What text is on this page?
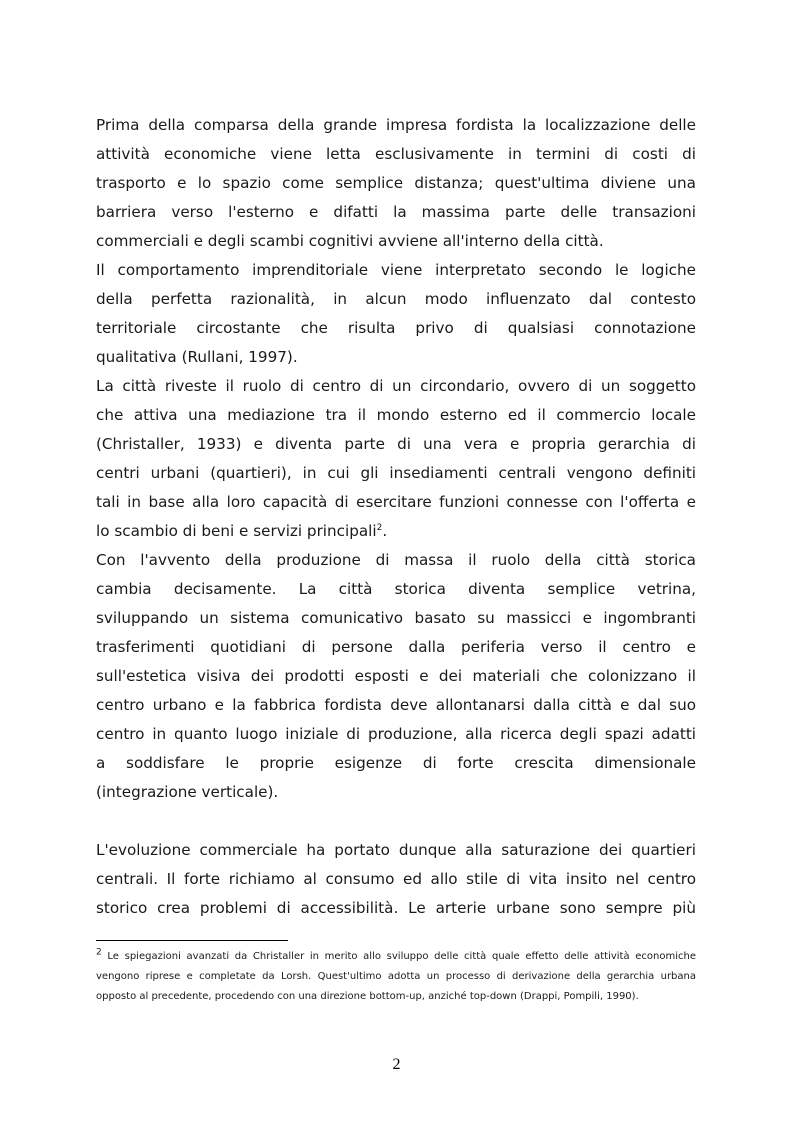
Prima della comparsa della grande impresa fordista la localizzazione delle
attività economiche viene letta esclusivamente in termini di costi di
trasporto e lo spazio come semplice distanza; quest'ultima diviene una
barriera verso l'esterno e difatti la massima parte delle transazioni
commerciali e degli scambi cognitivi avviene all'interno della città.
Il comportamento imprenditoriale viene interpretato secondo le logiche
della perfetta razionalità, in alcun modo influenzato dal contesto
territoriale circostante che risulta privo di qualsiasi connotazione
qualitativa (Rullani, 1997).
La città riveste il ruolo di centro di un circondario, ovvero di un soggetto
che attiva una mediazione tra il mondo esterno ed il commercio locale
(Christaller, 1933) e diventa parte di una vera e propria gerarchia di
centri urbani (quartieri), in cui gli insediamenti centrali vengono definiti
tali in base alla loro capacità di esercitare funzioni connesse con l'offerta e
lo scambio di beni e servizi principali$^2$.
Con l'avvento della produzione di massa il ruolo della città storica
cambia decisamente. La città storica diventa semplice vetrina,
sviluppando un sistema comunicativo basato su massicci e ingombranti
trasferimenti quotidiani di persone dalla periferia verso il centro e
sull'estetica visiva dei prodotti esposti e dei materiali che colonizzano il
centro urbano e la fabbrica fordista deve allontanarsi dalla città e dal suo
centro in quanto luogo iniziale di produzione, alla ricerca degli spazi adatti
a soddisfare le proprie esigenze di forte crescita dimensionale
(integrazione verticale).
L'evoluzione commerciale ha portato dunque alla saturazione dei quartieri
centrali. Il forte richiamo al consumo ed allo stile di vita insito nel centro
storico crea problemi di accessibilità. Le arterie urbane sono sempre più
$^2$ Le spiegazioni avanzati da Christaller in merito allo sviluppo delle città quale effetto delle attività economiche
vengono riprese e completate da Lorsh. Quest'ultimo adotta un processo di derivazione della gerarchia urbana
opposto al precedente, procedendo con una direzione bottom-up, anziché top-down (Drappi, Pompili, 1990).
2
